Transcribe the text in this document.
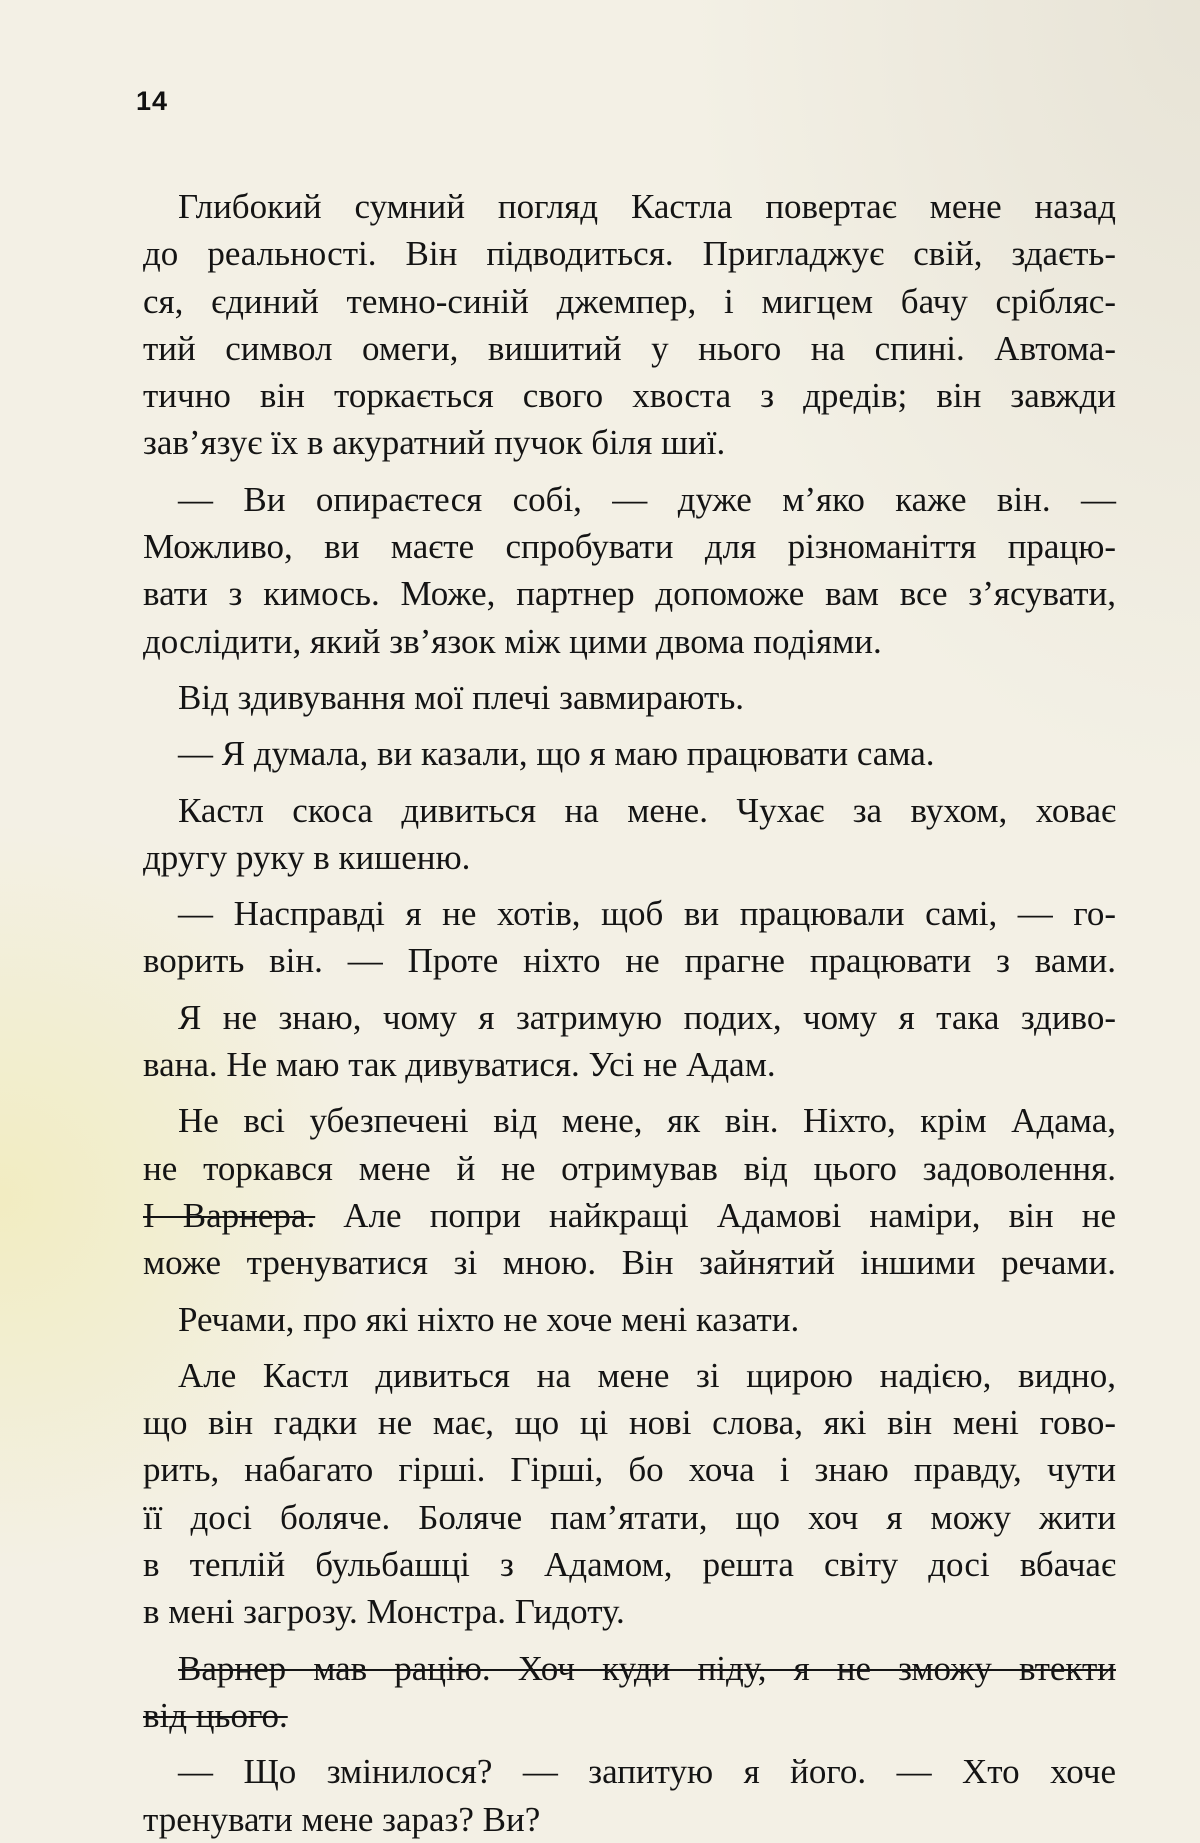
14
Глибокий сумний погляд Кастла повертає мене назад
до реальності. Він підводиться. Пригладжує свій, здаєть-
ся, єдиний темно-синій джемпер, і мигцем бачу срібляс-
тий символ омеги, вишитий у нього на спині. Автома-
тично він торкається свого хвоста з дредів; він завжди
зав’язує їх в акуратний пучок біля шиї.
— Ви опираєтеся собі, — дуже м’яко каже він. —
Можливо, ви маєте спробувати для різноманіття працю-
вати з кимось. Може, партнер допоможе вам все з’ясувати,
дослідити, який зв’язок між цими двома подіями.
Від здивування мої плечі завмирають.
— Я думала, ви казали, що я маю працювати сама.
Кастл скоса дивиться на мене. Чухає за вухом, ховає
другу руку в кишеню.
— Насправді я не хотів, щоб ви працювали самі, — го-
ворить він. — Проте ніхто не прагне працювати з вами.
Я не знаю, чому я затримую подих, чому я така здиво-
вана. Не маю так дивуватися. Усі не Адам.
Не всі убезпечені від мене, як він. Ніхто, крім Адама,
не торкався мене й не отримував від цього задоволення.
І Варнера. Але попри найкращі Адамові наміри, він не
може тренуватися зі мною. Він зайнятий іншими речами.
Речами, про які ніхто не хоче мені казати.
Але Кастл дивиться на мене зі щирою надією, видно,
що він гадки не має, що ці нові слова, які він мені гово-
рить, набагато гірші. Гірші, бо хоча і знаю правду, чути
її досі боляче. Боляче пам’ятати, що хоч я можу жити
в теплій бульбашці з Адамом, решта світу досі вбачає
в мені загрозу. Монстра. Гидоту.
Варнер мав рацію. Хоч куди піду, я не зможу втекти
від цього.
— Що змінилося? — запитую я його. — Хто хоче
тренувати мене зараз? Ви?
